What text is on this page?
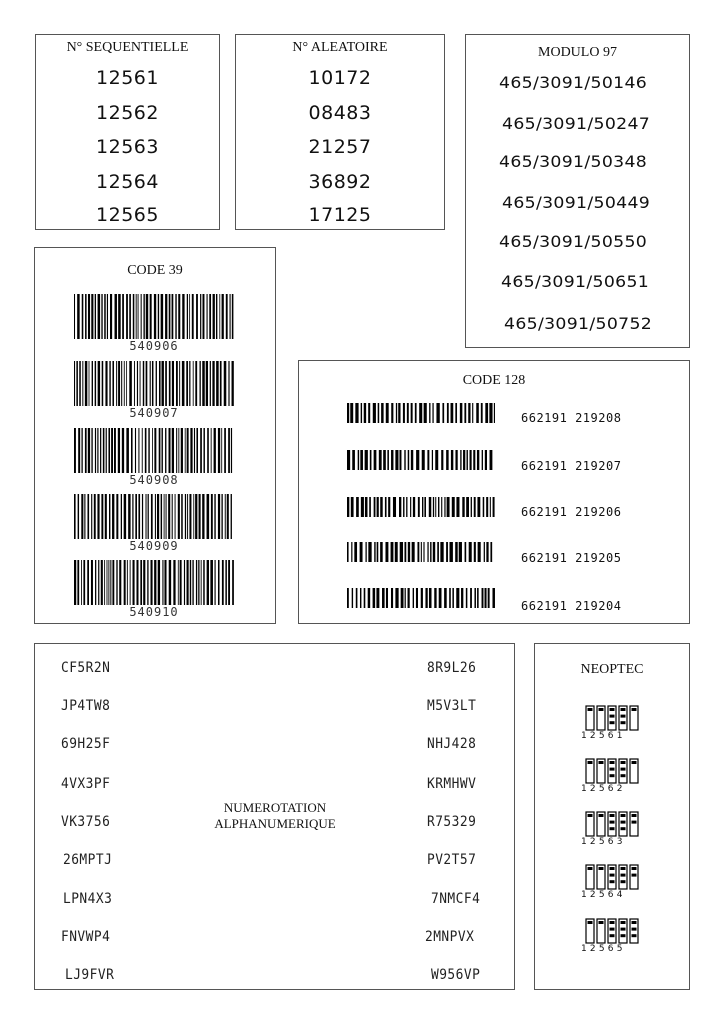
N° SEQUENTIELLE
12561
12562
12563
12564
12565
N° ALEATOIRE
10172
08483
21257
36892
17125
MODULO 97
465/3091/50146
465/3091/50247
465/3091/50348
465/3091/50449
465/3091/50550
465/3091/50651
465/3091/50752
CODE 39
540906
540907
540908
540909
540910
CODE 128
662191 219208
662191 219207
662191 219206
662191 219205
662191 219204
CF5R2N
JP4TW8
69H25F
4VX3PF
VK3756
26MPTJ
LPN4X3
FNVWP4
LJ9FVR
NUMEROTATION
ALPHANUMERIQUE
8R9L26
M5V3LT
NHJ428
KRMHWV
R75329
PV2T57
7NMCF4
2MNPVX
W956VP
NEOPTEC
12561
12562
12563
12564
12565
